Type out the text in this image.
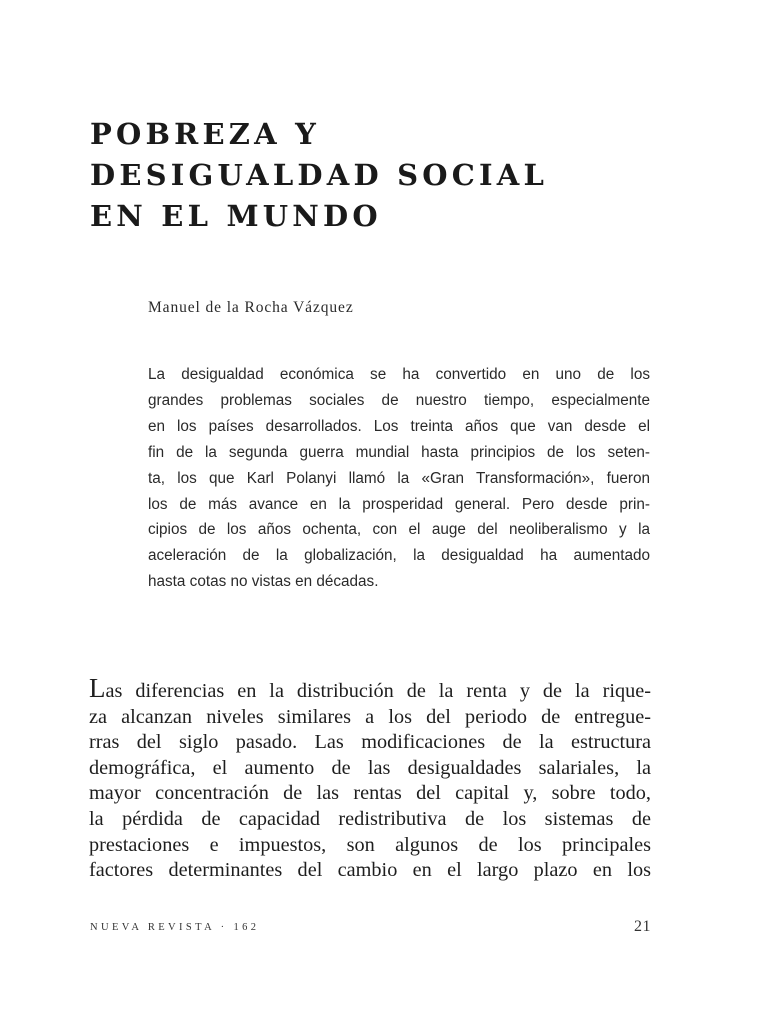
POBREZA Y
DESIGUALDAD SOCIAL
EN EL MUNDO
Manuel de la Rocha Vázquez
La desigualdad económica se ha convertido en uno de los
grandes problemas sociales de nuestro tiempo, especialmente
en los países desarrollados. Los treinta años que van desde el
fin de la segunda guerra mundial hasta principios de los seten-
ta, los que Karl Polanyi llamó la «Gran Transformación», fueron
los de más avance en la prosperidad general. Pero desde prin-
cipios de los años ochenta, con el auge del neoliberalismo y la
aceleración de la globalización, la desigualdad ha aumentado
hasta cotas no vistas en décadas.
Las diferencias en la distribución de la renta y de la rique-
za alcanzan niveles similares a los del periodo de entregue-
rras del siglo pasado. Las modificaciones de la estructura
demográfica, el aumento de las desigualdades salariales, la
mayor concentración de las rentas del capital y, sobre todo,
la pérdida de capacidad redistributiva de los sistemas de
prestaciones e impuestos, son algunos de los principales
factores determinantes del cambio en el largo plazo en los
NUEVA REVISTA · 162	21
